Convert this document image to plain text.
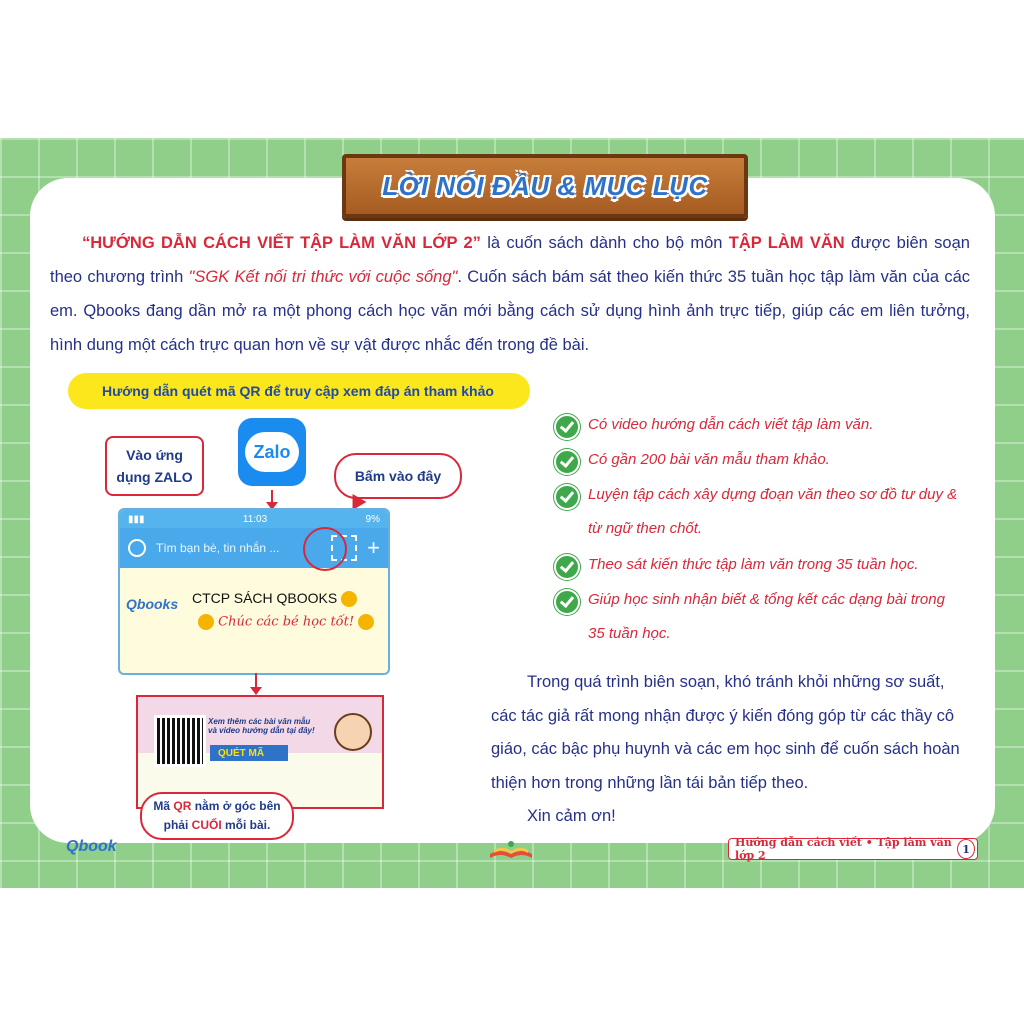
LỜI NÓI ĐẦU & MỤC LỤC
“HƯỚNG DẪN CÁCH VIẾT TẬP LÀM VĂN LỚP 2” là cuốn sách dành cho bộ môn TẬP LÀM VĂN được biên soạn theo chương trình "SGK Kết nối tri thức với cuộc sống". Cuốn sách bám sát theo kiến thức 35 tuần học tập làm văn của các em. Qbooks đang dần mở ra một phong cách học văn mới bằng cách sử dụng hình ảnh trực tiếp, giúp các em liên tưởng, hình dung một cách trực quan hơn về sự vật được nhắc đến trong đề bài.
Hướng dẫn quét mã QR để truy cập xem đáp án tham khảo
Vào ứng
dụng ZALO
Zalo
Bấm vào đây
▮▮▮	11:03	9%
Tìm bạn bè, tin nhắn ...	+
Qbooks CTCP SÁCH QBOOKS
Chúc các bé học tốt!
Xem thêm các bài văn mẫu và video hướng dẫn tại đây!
QUÉT MÃ
Mã QR nằm ở góc bên
phải CUỐI mỗi bài.
Có video hướng dẫn cách viết tập làm văn.
Có gần 200 bài văn mẫu tham khảo.
Luyện tập cách xây dựng đoạn văn theo sơ đồ tư duy & từ ngữ then chốt.
Theo sát kiến thức tập làm văn trong 35 tuần học.
Giúp học sinh nhận biết & tổng kết các dạng bài trong 35 tuần học.

Trong quá trình biên soạn, khó tránh khỏi những sơ suất, các tác giả rất mong nhận được ý kiến đóng góp từ các thầy cô giáo, các bậc phụ huynh và các em học sinh để cuốn sách hoàn thiện hơn trong những lần tái bản tiếp theo.

Xin cảm ơn!

Qbook	Hướng dẫn cách viết • Tập làm văn lớp 2	1
